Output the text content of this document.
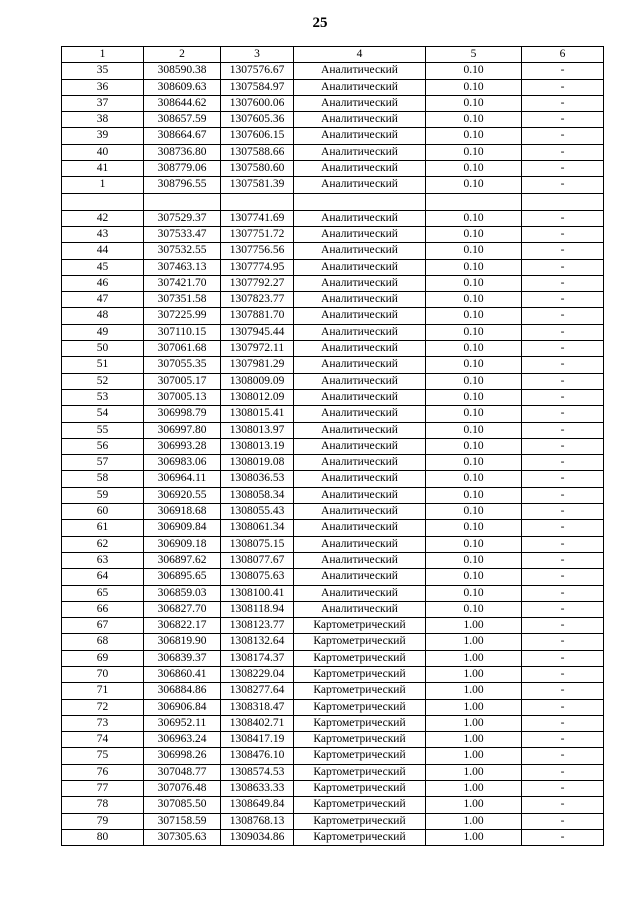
25
1	2	3	4	5	6
35	308590.38	1307576.67	Аналитический	0.10	-
36	308609.63	1307584.97	Аналитический	0.10	-
37	308644.62	1307600.06	Аналитический	0.10	-
38	308657.59	1307605.36	Аналитический	0.10	-
39	308664.67	1307606.15	Аналитический	0.10	-
40	308736.80	1307588.66	Аналитический	0.10	-
41	308779.06	1307580.60	Аналитический	0.10	-
1	308796.55	1307581.39	Аналитический	0.10	-

42	307529.37	1307741.69	Аналитический	0.10	-
43	307533.47	1307751.72	Аналитический	0.10	-
44	307532.55	1307756.56	Аналитический	0.10	-
45	307463.13	1307774.95	Аналитический	0.10	-
46	307421.70	1307792.27	Аналитический	0.10	-
47	307351.58	1307823.77	Аналитический	0.10	-
48	307225.99	1307881.70	Аналитический	0.10	-
49	307110.15	1307945.44	Аналитический	0.10	-
50	307061.68	1307972.11	Аналитический	0.10	-
51	307055.35	1307981.29	Аналитический	0.10	-
52	307005.17	1308009.09	Аналитический	0.10	-
53	307005.13	1308012.09	Аналитический	0.10	-
54	306998.79	1308015.41	Аналитический	0.10	-
55	306997.80	1308013.97	Аналитический	0.10	-
56	306993.28	1308013.19	Аналитический	0.10	-
57	306983.06	1308019.08	Аналитический	0.10	-
58	306964.11	1308036.53	Аналитический	0.10	-
59	306920.55	1308058.34	Аналитический	0.10	-
60	306918.68	1308055.43	Аналитический	0.10	-
61	306909.84	1308061.34	Аналитический	0.10	-
62	306909.18	1308075.15	Аналитический	0.10	-
63	306897.62	1308077.67	Аналитический	0.10	-
64	306895.65	1308075.63	Аналитический	0.10	-
65	306859.03	1308100.41	Аналитический	0.10	-
66	306827.70	1308118.94	Аналитический	0.10	-
67	306822.17	1308123.77	Картометрический	1.00	-
68	306819.90	1308132.64	Картометрический	1.00	-
69	306839.37	1308174.37	Картометрический	1.00	-
70	306860.41	1308229.04	Картометрический	1.00	-
71	306884.86	1308277.64	Картометрический	1.00	-
72	306906.84	1308318.47	Картометрический	1.00	-
73	306952.11	1308402.71	Картометрический	1.00	-
74	306963.24	1308417.19	Картометрический	1.00	-
75	306998.26	1308476.10	Картометрический	1.00	-
76	307048.77	1308574.53	Картометрический	1.00	-
77	307076.48	1308633.33	Картометрический	1.00	-
78	307085.50	1308649.84	Картометрический	1.00	-
79	307158.59	1308768.13	Картометрический	1.00	-
80	307305.63	1309034.86	Картометрический	1.00	-
